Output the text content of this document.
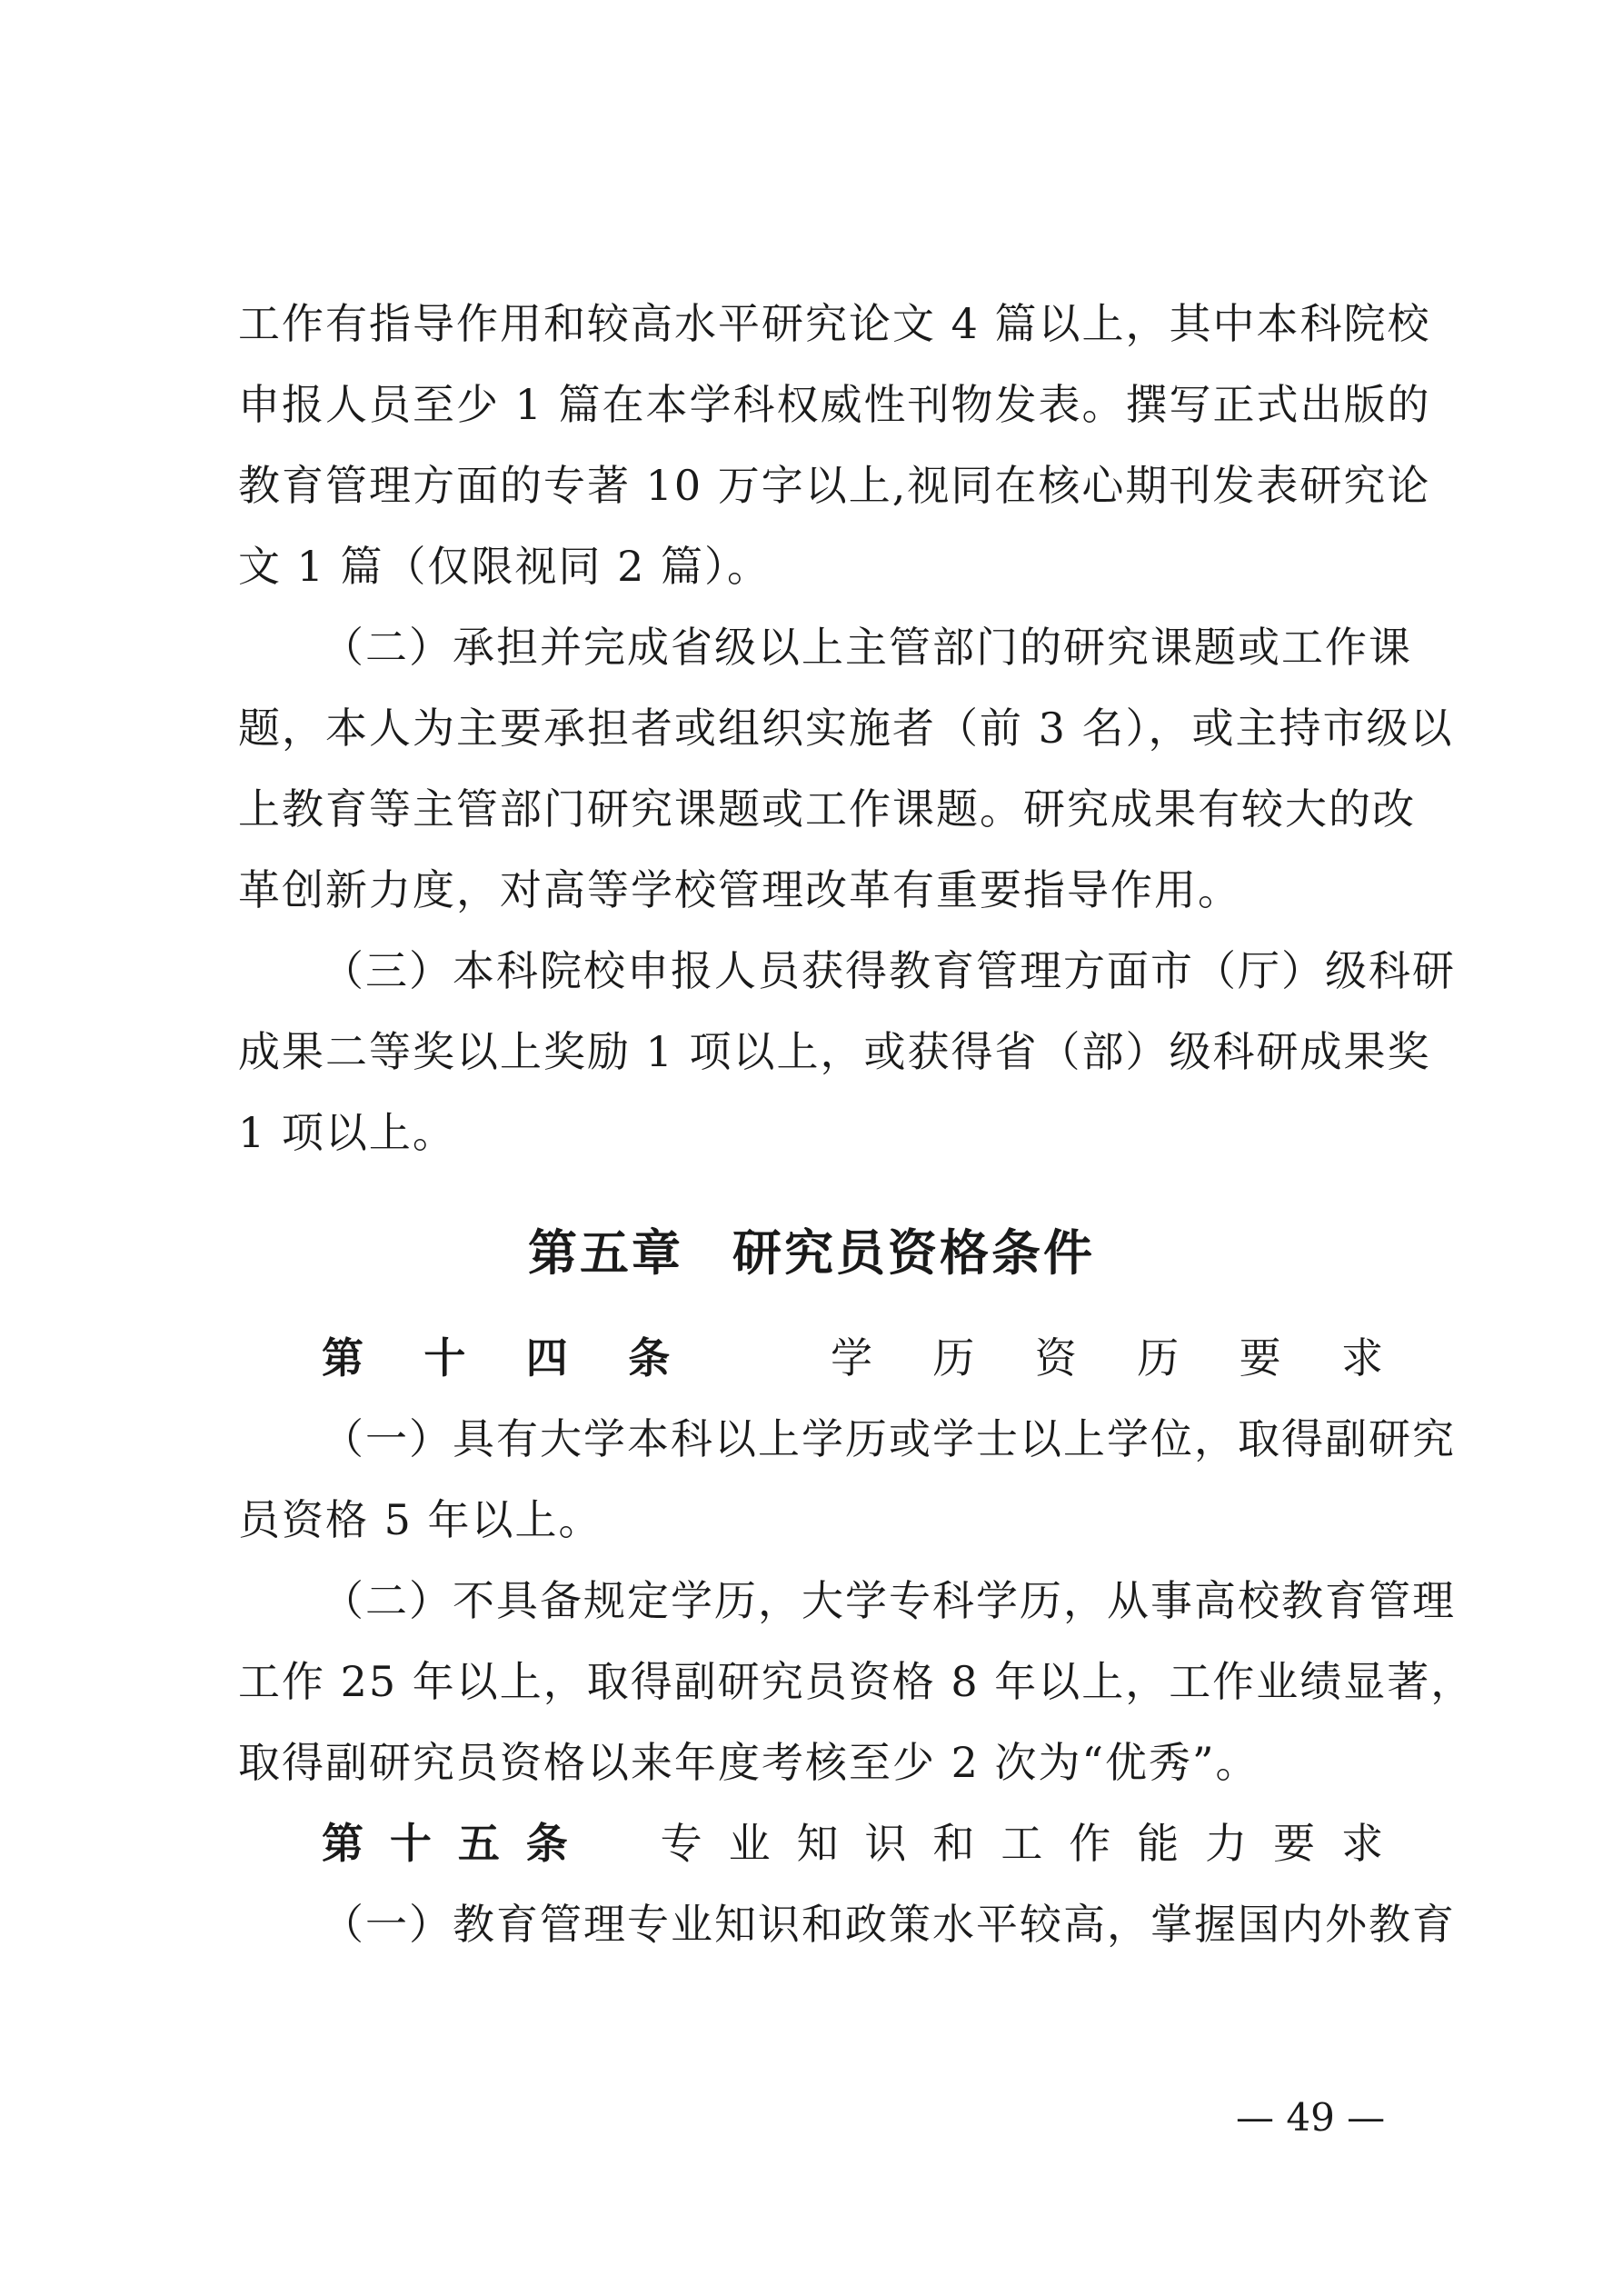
工作有指导作用和较高水平研究论文 4 篇以上，其中本科院校
申报人员至少 1 篇在本学科权威性刊物发表。撰写正式出版的
教育管理方面的专著 10 万字以上,视同在核心期刊发表研究论
文 1 篇（仅限视同 2 篇）。
（二）承担并完成省级以上主管部门的研究课题或工作课
题，本人为主要承担者或组织实施者（前 3 名），或主持市级以
上教育等主管部门研究课题或工作课题。研究成果有较大的改
革创新力度，对高等学校管理改革有重要指导作用。
（三）本科院校申报人员获得教育管理方面市（厅）级科研
成果二等奖以上奖励 1 项以上，或获得省（部）级科研成果奖
1 项以上。
第五章 研究员资格条件
第十四条 学历资历要求
（一）具有大学本科以上学历或学士以上学位，取得副研究
员资格 5 年以上。
（二）不具备规定学历，大学专科学历，从事高校教育管理
工作 25 年以上，取得副研究员资格 8 年以上，工作业绩显著，
取得副研究员资格以来年度考核至少 2 次为“优秀”。
第十五条 专业知识和工作能力要求
（一）教育管理专业知识和政策水平较高，掌握国内外教育
— 49 —
